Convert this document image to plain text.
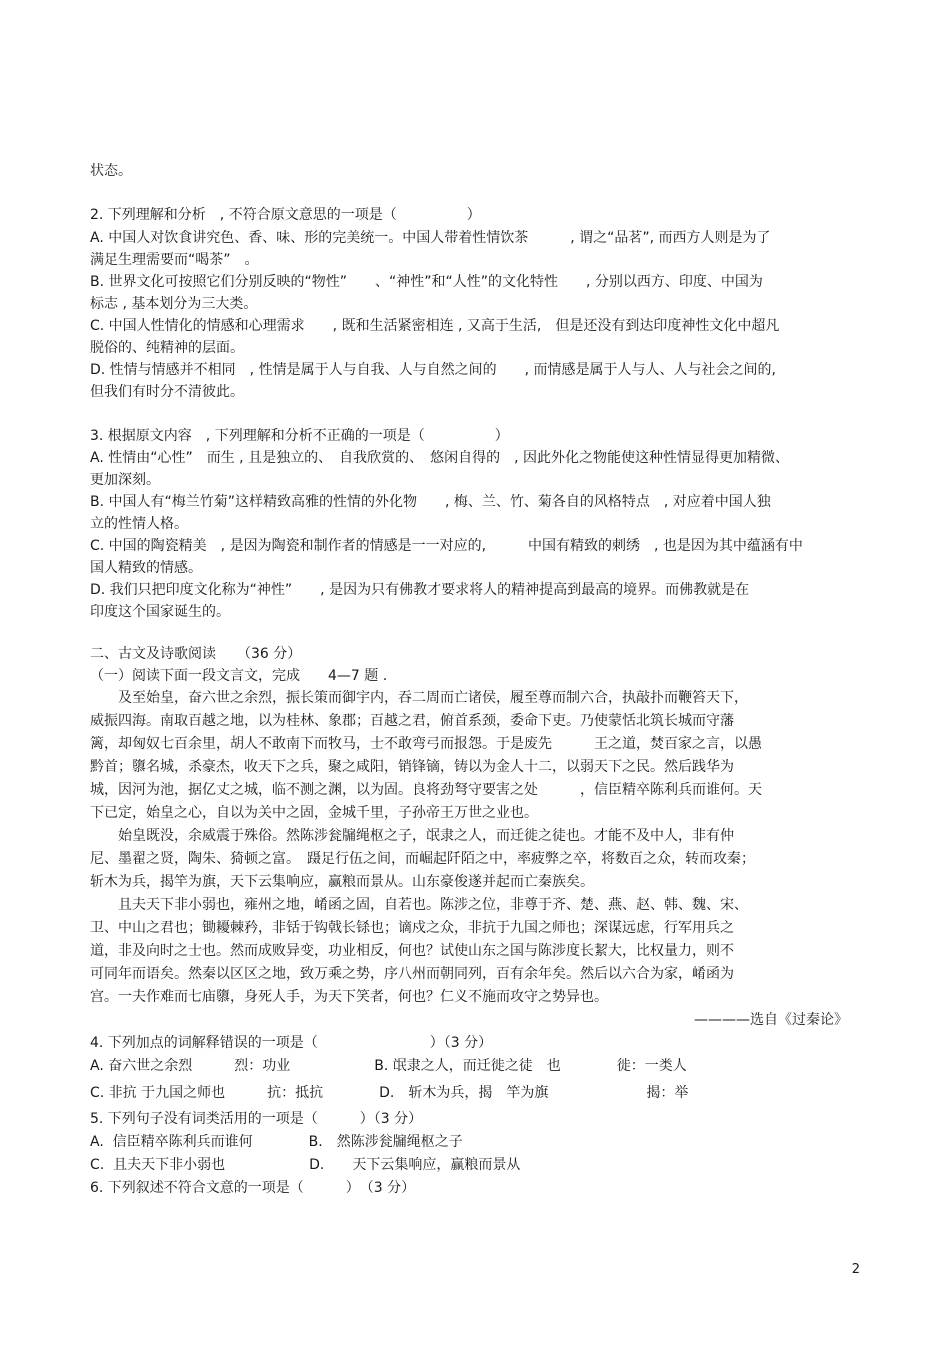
状态。
2. 下列理解和分析　, 不符合原文意思的一项是（　　　　　）
A. 中国人对饮食讲究色、香、味、形的完美统一。中国人带着性情饮茶　　　, 谓之“品茗”, 而西方人则是为了
满足生理需要而“喝茶”　。
B. 世界文化可按照它们分别反映的“物性”　　、“神性”和“人性”的文化特性　　, 分别以西方、印度、中国为
标志 , 基本划分为三大类。
C. 中国人性情化的情感和心理需求　　, 既和生活紧密相连 , 又高于生活,　但是还没有到达印度神性文化中超凡
脱俗的、纯精神的层面。
D. 性情与情感并不相同　, 性情是属于人与自我、人与自然之间的　　, 而情感是属于人与人、人与社会之间的,
但我们有时分不清彼此。
3. 根据原文内容　, 下列理解和分析不正确的一项是（　　　　　）
A. 性情由“心性”　而生 , 且是独立的、　自我欣赏的、　悠闲自得的　, 因此外化之物能使这种性情显得更加精微、
更加深刻。
B. 中国人有“梅兰竹菊”这样精致高雅的性情的外化物　　, 梅、兰、竹、菊各自的风格特点　, 对应着中国人独
立的性情人格。
C. 中国的陶瓷精美　, 是因为陶瓷和制作者的情感是一一对应的,　　　中国有精致的刺绣　, 也是因为其中蕴涵有中
国人精致的情感。
D. 我们只把印度文化称为“神性”　　, 是因为只有佛教才要求将人的精神提高到最高的境界。而佛教就是在
印度这个国家诞生的。
二、古文及诗歌阅读　　（36 分）
（一）阅读下面一段文言文，完成　　4—7 题 .
　　及至始皇，奋六世之余烈，振长策而御宇内，吞二周而亡诸侯，履至尊而制六合，执敲扑而鞭笞天下，
威振四海。南取百越之地，以为桂林、象郡；百越之君，俯首系颈，委命下吏。乃使蒙恬北筑长城而守藩
篱，却匈奴七百余里，胡人不敢南下而牧马，士不敢弯弓而报怨。于是废先　　　王之道，焚百家之言，以愚
黔首；隳名城，杀豪杰，收天下之兵，聚之咸阳，销锋镝，铸以为金人十二，以弱天下之民。然后践华为
城，因河为池，据亿丈之城，临不测之渊，以为固。良将劲弩守要害之处　　　，信臣精卒陈利兵而谁何。天
下已定，始皇之心，自以为关中之固，金城千里，子孙帝王万世之业也。
　　始皇既没，余威震于殊俗。然陈涉瓮牖绳枢之子，氓隶之人，而迁徙之徒也。才能不及中人，非有仲
尼、墨翟之贤，陶朱、猗顿之富。　蹑足行伍之间，而崛起阡陌之中，率疲弊之卒，将数百之众，转而攻秦；
斩木为兵，揭竿为旗，天下云集响应，赢粮而景从。山东豪俊遂并起而亡秦族矣。
　　且夫天下非小弱也，雍州之地，崤函之固，自若也。陈涉之位，非尊于齐、楚、燕、赵、韩、魏、宋、
卫、中山之君也；锄耰棘矜，非铦于钩戟长铩也；谪戍之众，非抗于九国之师也；深谋远虑，行军用兵之
道，非及向时之士也。然而成败异变，功业相反，何也？试使山东之国与陈涉度长絜大，比权量力，则不
可同年而语矣。然秦以区区之地，致万乘之势，序八州而朝同列，百有余年矣。然后以六合为家，崤函为
宫。一夫作难而七庙隳，身死人手，为天下笑者，何也？仁义不施而攻守之势异也。
————选自《过秦论》
4. 下列加点的词解释错误的一项是（　　　　　　　　）（3 分）
A. 奋六世之余烈　　　烈：功业　　　　　　B. 氓隶之人，而迁徙之徒　也　　　　徙：一类人
C. 非抗 于九国之师也　　　抗：抵抗　　　　D.　斩木为兵，揭　竿为旗　　　　　　　揭：举
5. 下列句子没有词类活用的一项是（　　　）（3 分）
A.  信臣精卒陈利兵而谁何　　　　B.　然陈涉瓮牖绳枢之子
C.  且夫天下非小弱也　　　　　　D.　　天下云集响应，赢粮而景从
6. 下列叙述不符合文意的一项是（　　　）　（3 分）
2
